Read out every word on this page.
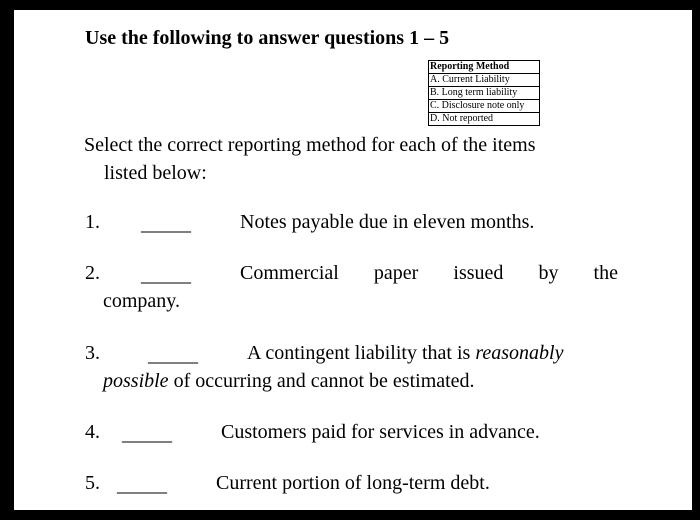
Use the following to answer questions 1 – 5
Reporting Method
A. Current Liability
B. Long term liability
C. Disclosure note only
D. Not reported
Select the correct reporting method for each of the items
listed below:
1. _____ Notes payable due in eleven months.
2. _____ Commercial paper issued by the
company.
3. _____ A contingent liability that is reasonably
possible of occurring and cannot be estimated.
4. _____ Customers paid for services in advance.
5. _____ Current portion of long-term debt.
